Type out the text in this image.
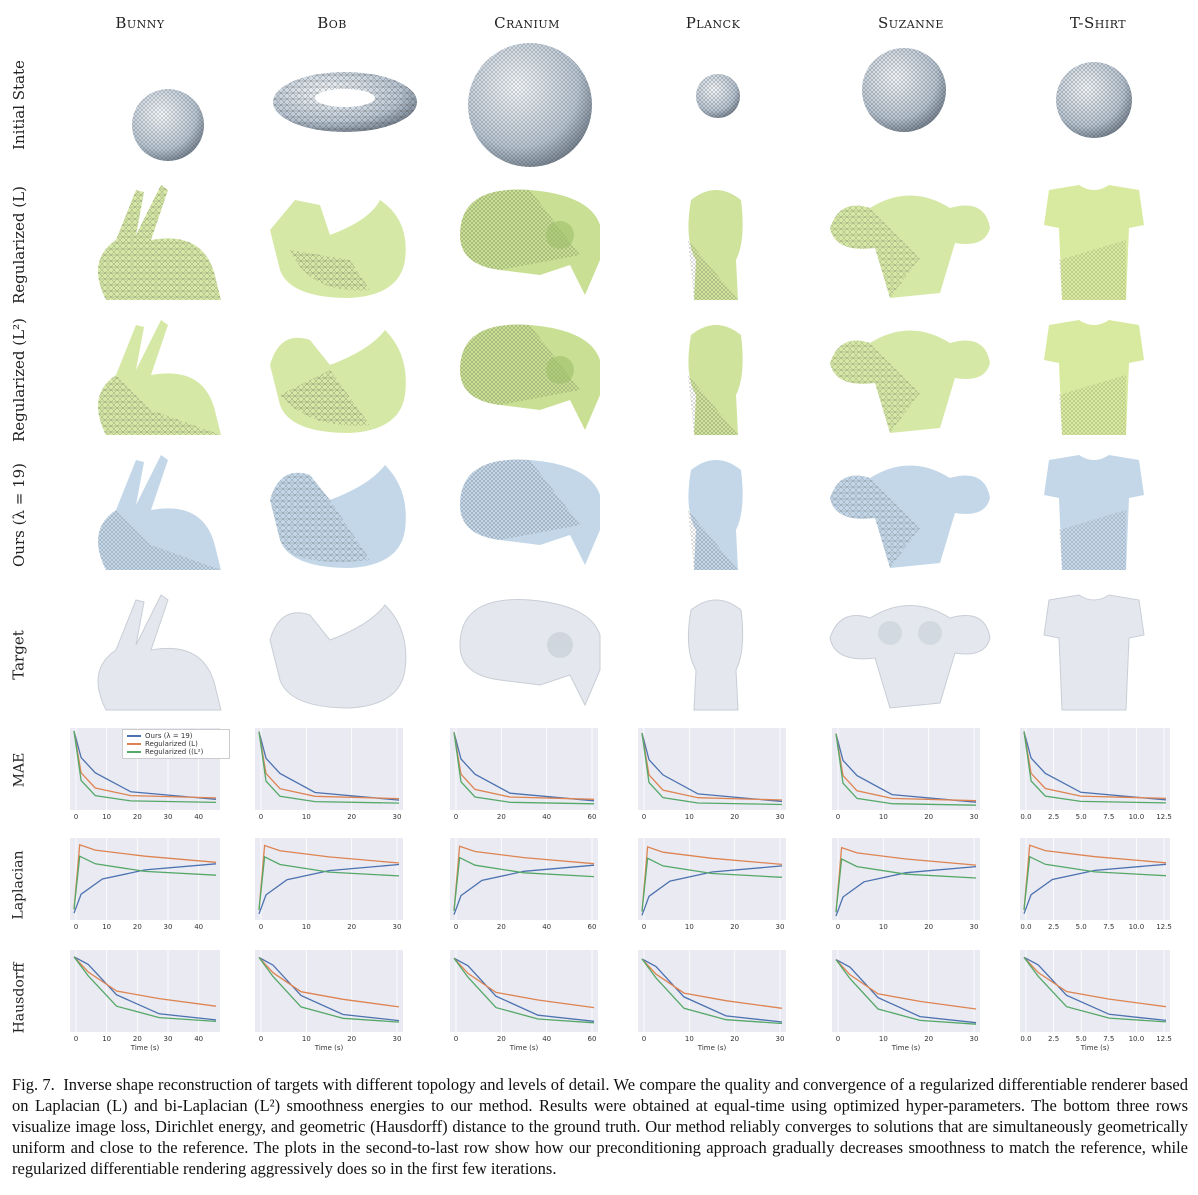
Bunny	Bob	Cranium	Planck	Suzanne	T-Shirt
Initial State
Regularized (L)
Regularized (L²)
Ours (λ = 19)
Target
MAE
Laplacian
Hausdorff
0	10	20	30	40	0	10	20	30	0	20	40	60	0	10	20	30	0	10	20	30	0.0 2.5 5.0 7.5 10.0 12.5
0	10	20	30	40	0	10	20	30	0	20	40	60	0	10	20	30	0	10	20	30	0.0 2.5 5.0 7.5 10.0 12.5
0	10	20	30	40
Time (s)
0	10	20	30
Time (s)
0	20	40	60
Time (s)
0	10	20	30
Time (s)
0	10	20	30
Time (s)
0.0 2.5 5.0 7.5 10.0 12.5
Time (s)
Ours (λ = 19)
Regularized (L)
Regularized ((L²)
Fig. 7. Inverse shape reconstruction of targets with different topology and levels of detail. We compare the quality and convergence of a regularized differentiable renderer based on Laplacian (L) and bi-Laplacian (L²) smoothness energies to our method. Results were obtained at equal-time using optimized hyper-parameters. The bottom three rows visualize image loss, Dirichlet energy, and geometric (Hausdorff) distance to the ground truth. Our method reliably converges to solutions that are simultaneously geometrically uniform and close to the reference. The plots in the second-to-last row show how our preconditioning approach gradually decreases smoothness to match the reference, while regularized differentiable rendering aggressively does so in the first few iterations.
